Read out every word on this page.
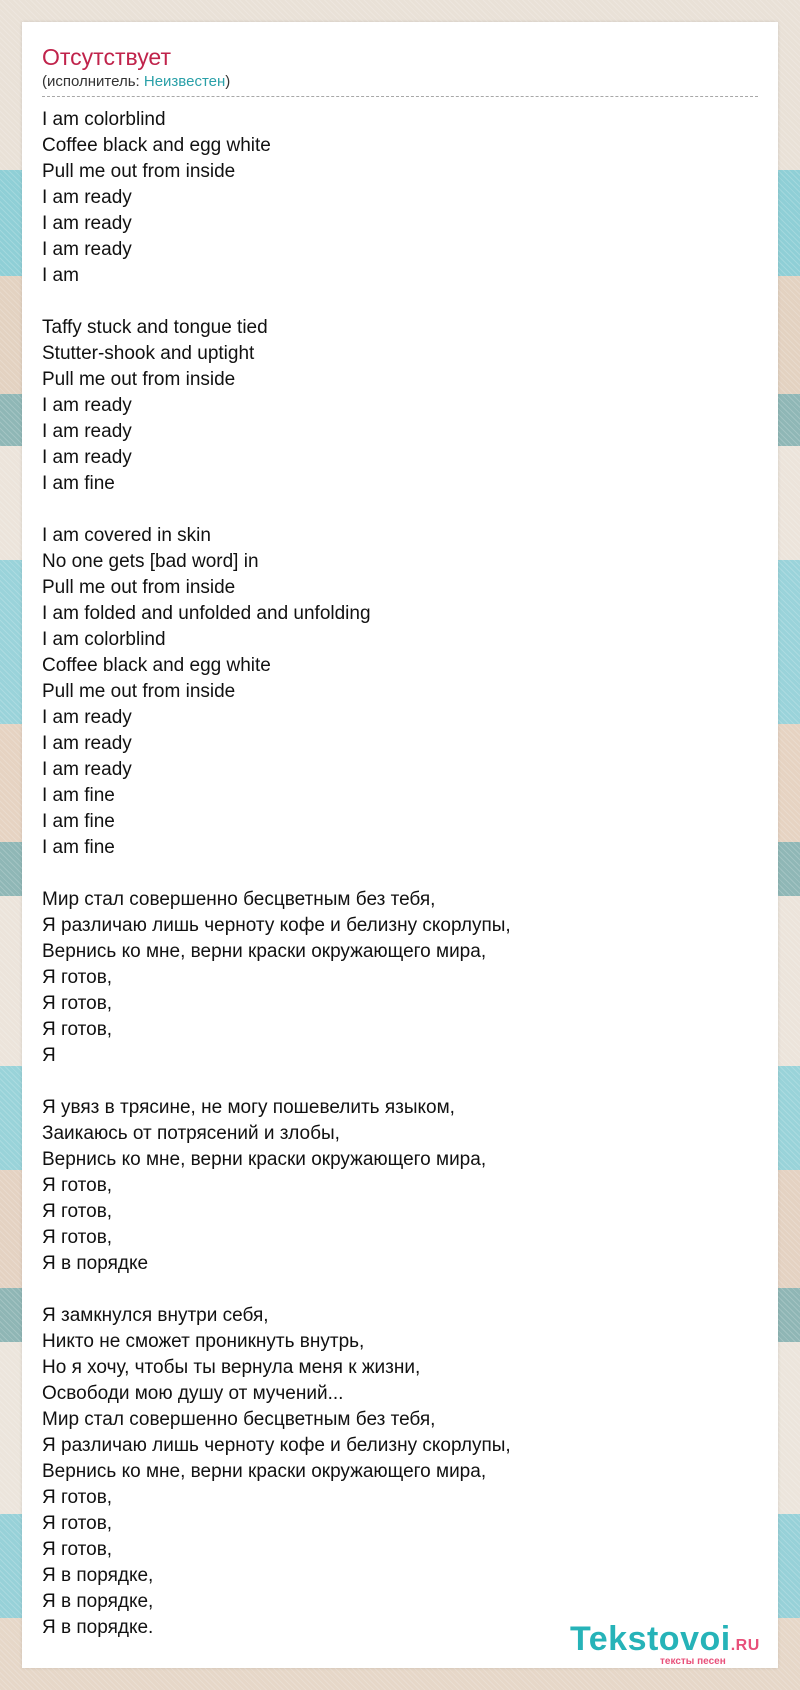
Отсутствует
(исполнитель: Неизвестен)
I am colorblind
Coffee black and egg white
Pull me out from inside
I am ready
I am ready
I am ready
I am
Taffy stuck and tongue tied
Stutter-shook and uptight
Pull me out from inside
I am ready
I am ready
I am ready
I am fine
I am covered in skin
No one gets [bad word] in
Pull me out from inside
I am folded and unfolded and unfolding
I am colorblind
Coffee black and egg white
Pull me out from inside
I am ready
I am ready
I am ready
I am fine
I am fine
I am fine
Мир стал совершенно бесцветным без тебя,
Я различаю лишь черноту кофе и белизну скорлупы,
Вернись ко мне, верни краски окружающего мира,
Я готов,
Я готов,
Я готов,
Я
Я увяз в трясине, не могу пошевелить языком,
Заикаюсь от потрясений и злобы,
Вернись ко мне, верни краски окружающего мира,
Я готов,
Я готов,
Я готов,
Я в порядке
Я замкнулся внутри себя,
Никто не сможет проникнуть внутрь,
Но я хочу, чтобы ты вернула меня к жизни,
Освободи мою душу от мучений...
Мир стал совершенно бесцветным без тебя,
Я различаю лишь черноту кофе и белизну скорлупы,
Вернись ко мне, верни краски окружающего мира,
Я готов,
Я готов,
Я готов,
Я в порядке,
Я в порядке,
Я в порядке.	Tekstovoi.RU
тексты песен
